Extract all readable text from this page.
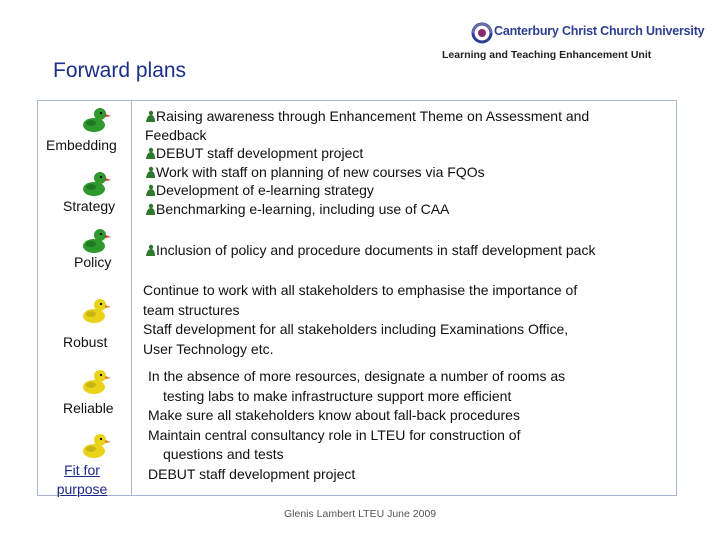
Canterbury Christ Church University
Learning and Teaching Enhancement Unit
Forward plans
Embedding
Strategy
Policy
Robust
Reliable
Fit for
purpose
Raising awareness through Enhancement Theme on Assessment and
Feedback
DEBUT staff development project
Work with staff on planning of new courses via FQOs
Development of e-learning strategy
Benchmarking e-learning, including use of CAA
Inclusion of policy and procedure documents in staff development pack
Continue to work with all stakeholders to emphasise the importance of
team structures
Staff development for all stakeholders including Examinations Office,
User Technology etc.
In the absence of more resources, designate a number of rooms as
testing labs to make infrastructure support more efficient
Make sure all stakeholders know about fall-back procedures
Maintain central consultancy role in LTEU for construction of
questions and tests
DEBUT staff development project
Glenis Lambert LTEU June 2009
